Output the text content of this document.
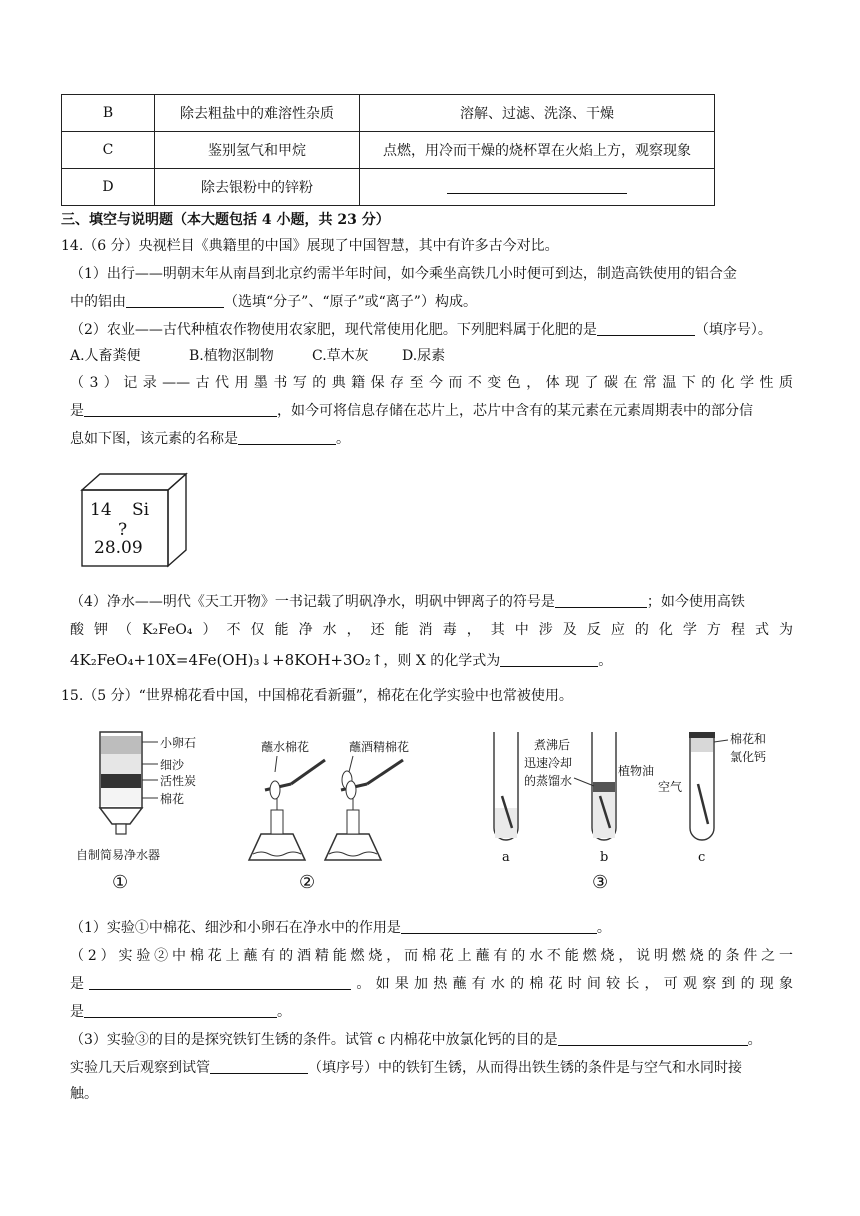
B	除去粗盐中的难溶性杂质	溶解、过滤、洗涤、干燥
C	鉴别氢气和甲烷	点燃，用冷而干燥的烧杯罩在火焰上方，观察现象
D	除去银粉中的锌粉	
三、填空与说明题（本大题包括 4 小题，共 23 分）
14.（6 分）央视栏目《典籍里的中国》展现了中国智慧，其中有许多古今对比。
（1）出行——明朝末年从南昌到北京约需半年时间，如今乘坐高铁几小时便可到达，制造高铁使用的铝合金
中的铝由	（选填“分子”、“原子”或“离子”）构成。
（2）农业——古代种植农作物使用农家肥，现代常使用化肥。下列肥料属于化肥的是	（填序号）。
A.人畜粪便	B.植物沤制物	C.草木灰 D.尿素
（3）记录——古代用墨书写的典籍保存至今而不变色，体现了碳在常温下的化学性质
是	，如今可将信息存储在芯片上，芯片中含有的某元素在元素周期表中的部分信
息如下图，该元素的名称是	。
14 Si
?
28.09
（4）净水——明代《天工开物》一书记载了明矾净水，明矾中钾离子的符号是	；如今使用高铁
酸钾（K₂FeO₄）不仅能净水，还能消毒，其中涉及反应的化学方程式为
4K₂FeO₄+10X=4Fe(OH)₃↓+8KOH+3O₂↑，则 X 的化学式为	。
15.（5 分）“世界棉花看中国，中国棉花看新疆”，棉花在化学实验中也常被使用。
小卵石
细沙
活性炭
棉花
自制简易净水器
①
蘸水棉花	蘸酒精棉花
②
煮沸后
迅速冷却
的蒸馏水
植物油
棉花和
氯化钙
空气
a	b	c
③
（1）实验①中棉花、细沙和小卵石在净水中的作用是	。
（2）实验②中棉花上蘸有的酒精能燃烧，而棉花上蘸有的水不能燃烧，说明燃烧的条件之一
是	。如果加热蘸有水的棉花时间较长，可观察到的现象
是	。
（3）实验③的目的是探究铁钉生锈的条件。试管 c 内棉花中放氯化钙的目的是	。
实验几天后观察到试管	（填序号）中的铁钉生锈，从而得出铁生锈的条件是与空气和水同时接
触。
